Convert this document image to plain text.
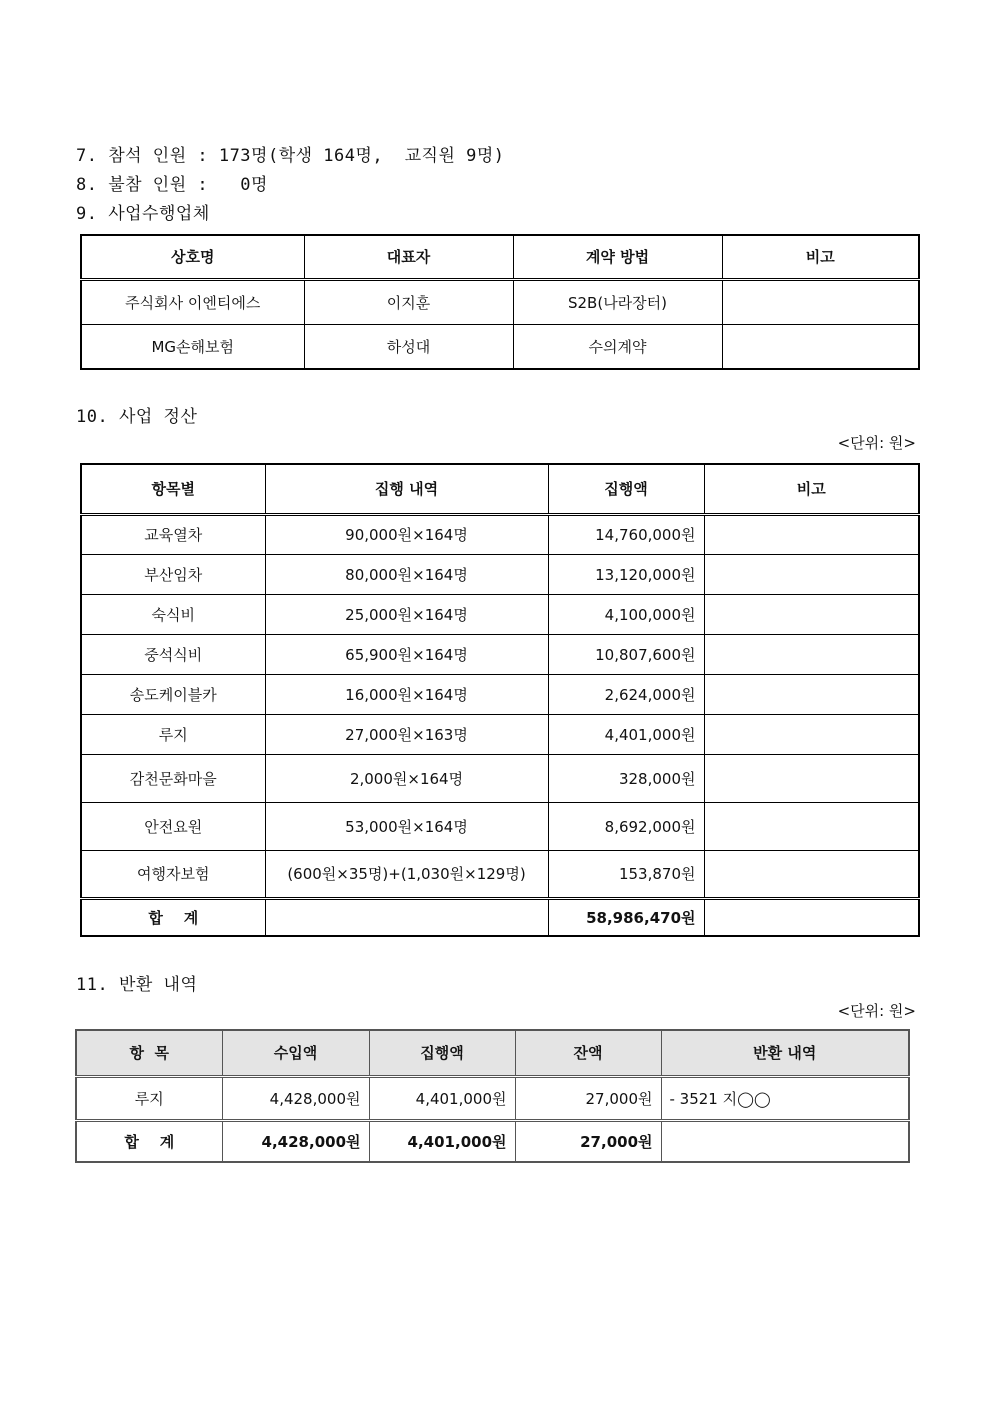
7. 참석 인원 : 173명(학생 164명,  교직원 9명)
8. 불참 인원 :   0명
9. 사업수행업체
상호명	대표자	계약 방법	비고
주식회사 이엔티에스	이지훈	S2B(나라장터)	
MG손해보험	하성대	수의계약	
10. 사업 정산
<단위: 원>
항목별	집행 내역	집행액	비고
교육열차	90,000원×164명	14,760,000원	
부산임차	80,000원×164명	13,120,000원	
숙식비	25,000원×164명	4,100,000원	
중석식비	65,900원×164명	10,807,600원	
송도케이블카	16,000원×164명	2,624,000원	
루지	27,000원×163명	4,401,000원	
감천문화마을	2,000원×164명	328,000원	
안전요원	53,000원×164명	8,692,000원	
여행자보험	(600원×35명)+(1,030원×129명)	153,870원	
합    계		58,986,470원	
11. 반환 내역
<단위: 원>
항  목	수입액	집행액	잔액	반환 내역
루지	4,428,000원	4,401,000원	27,000원	- 3521 지◯◯
합    계	4,428,000원	4,401,000원	27,000원	
